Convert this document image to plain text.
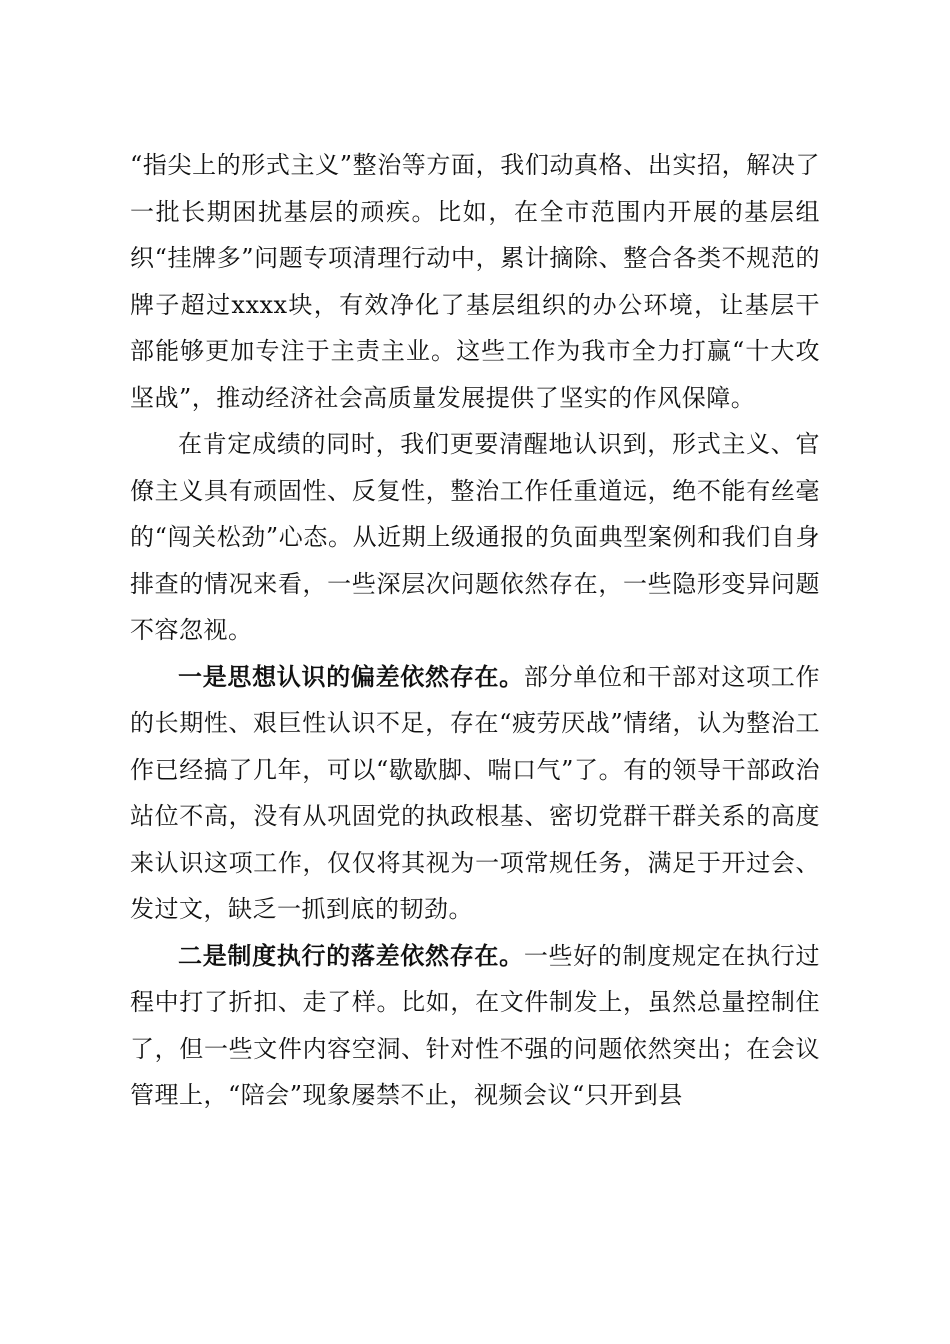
“指尖上的形式主义”整治等方面，我们动真格、出实招，解决了一批长期困扰基层的顽疾。比如，在全市范围内开展的基层组织“挂牌多”问题专项清理行动中，累计摘除、整合各类不规范的牌子超过xxxx块，有效净化了基层组织的办公环境，让基层干部能够更加专注于主责主业。这些工作为我市全力打赢“十大攻坚战”，推动经济社会高质量发展提供了坚实的作风保障。

在肯定成绩的同时，我们更要清醒地认识到，形式主义、官僚主义具有顽固性、反复性，整治工作任重道远，绝不能有丝毫的“闯关松劲”心态。从近期上级通报的负面典型案例和我们自身排查的情况来看，一些深层次问题依然存在，一些隐形变异问题不容忽视。

一是思想认识的偏差依然存在。部分单位和干部对这项工作的长期性、艰巨性认识不足，存在“疲劳厌战”情绪，认为整治工作已经搞了几年，可以“歇歇脚、喘口气”了。有的领导干部政治站位不高，没有从巩固党的执政根基、密切党群干群关系的高度来认识这项工作，仅仅将其视为一项常规任务，满足于开过会、发过文，缺乏一抓到底的韧劲。

二是制度执行的落差依然存在。一些好的制度规定在执行过程中打了折扣、走了样。比如，在文件制发上，虽然总量控制住了，但一些文件内容空洞、针对性不强的问题依然突出；在会议管理上，“陪会”现象屡禁不止，视频会议“只开到县
